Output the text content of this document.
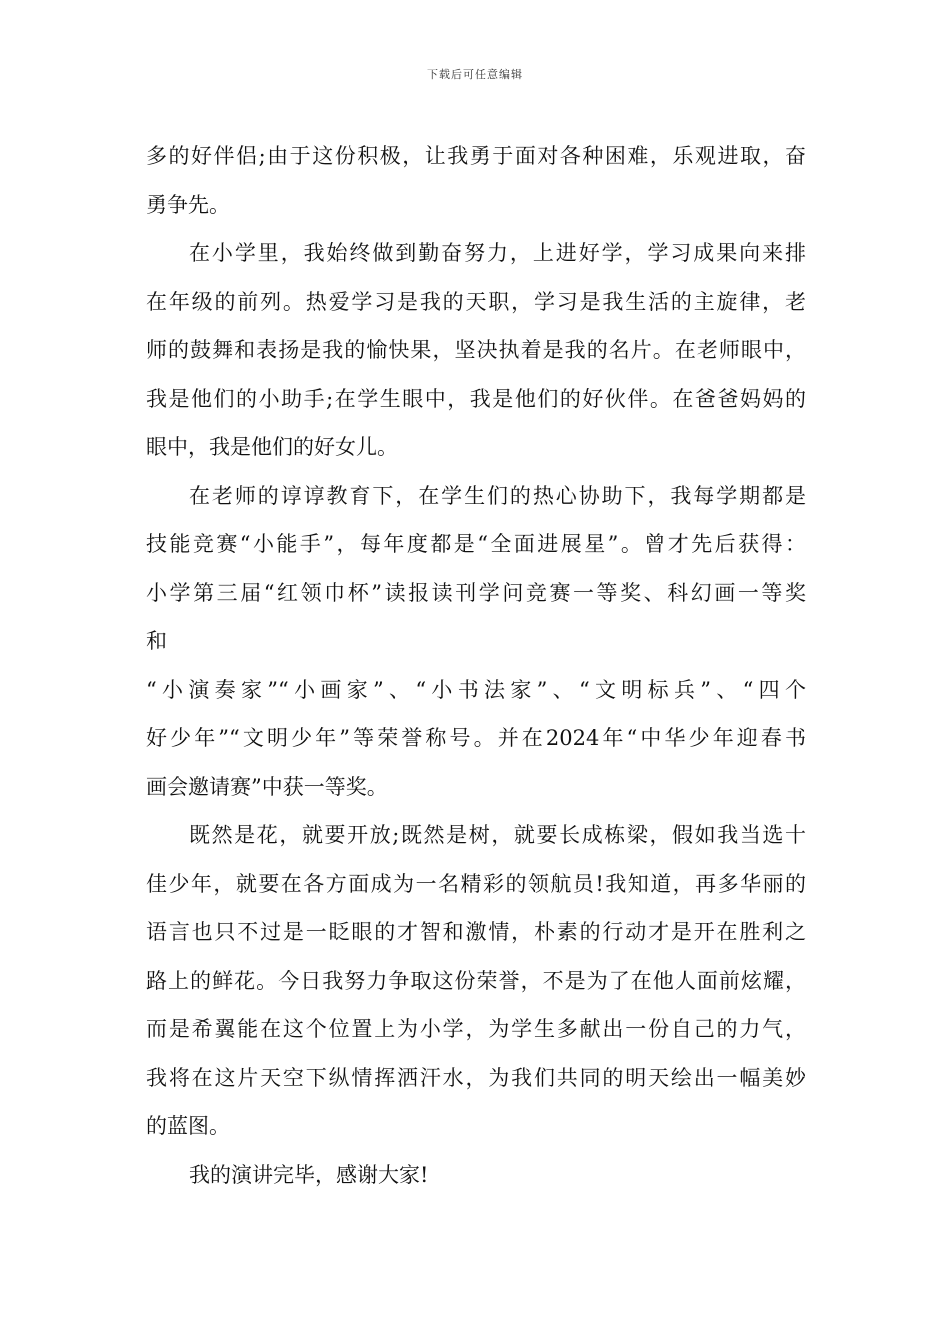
下载后可任意编辑
多的好伴侣;由于这份积极，让我勇于面对各种困难，乐观进取，奋
勇争先。
在小学里，我始终做到勤奋努力，上进好学，学习成果向来排
在年级的前列。热爱学习是我的天职，学习是我生活的主旋律，老
师的鼓舞和表扬是我的愉快果，坚决执着是我的名片。在老师眼中，
我是他们的小助手;在学生眼中，我是他们的好伙伴。在爸爸妈妈的
眼中，我是他们的好女儿。
在老师的谆谆教育下，在学生们的热心协助下，我每学期都是
技能竞赛“小能手”，每年度都是“全面进展星”。曾才先后获得：
小学第三届“红领巾杯”读报读刊学问竞赛一等奖、科幻画一等奖
和
“小演奏家”“小画家”、“小书法家”、“文明标兵”、“四个
好少年”“文明少年”等荣誉称号。并在2024年“中华少年迎春书
画会邀请赛”中获一等奖。
既然是花，就要开放;既然是树，就要长成栋梁，假如我当选十
佳少年，就要在各方面成为一名精彩的领航员!我知道，再多华丽的
语言也只不过是一眨眼的才智和激情，朴素的行动才是开在胜利之
路上的鲜花。今日我努力争取这份荣誉，不是为了在他人面前炫耀，
而是希翼能在这个位置上为小学，为学生多献出一份自己的力气，
我将在这片天空下纵情挥洒汗水，为我们共同的明天绘出一幅美妙
的蓝图。
我的演讲完毕，感谢大家!
